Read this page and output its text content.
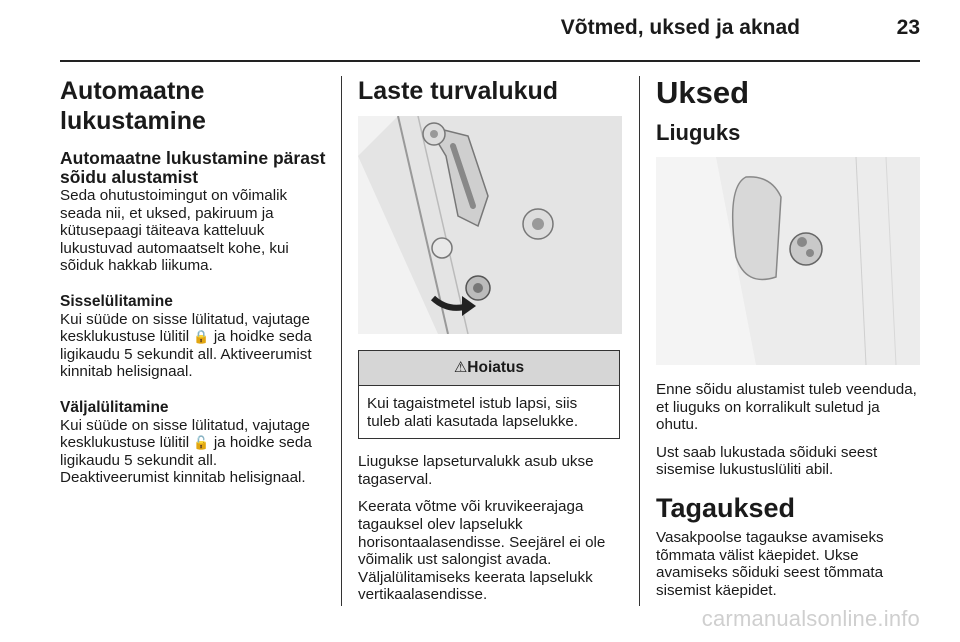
Võtmed, uksed ja aknad	23
Automaatne lukustamine
Automaatne lukustamine pärast sõidu alustamist

Seda ohutustoimingut on võimalik seada nii, et uksed, pakiruum ja kütusepaagi täiteava katteluuk lukustuvad automaatselt kohe, kui sõiduk hakkab liikuma.

Sisselülitamine

Kui süüde on sisse lülitatud, vajutage kesklukustuse lülitil 🔒 ja hoidke seda ligikaudu 5 sekundit all. Aktiveerumist kinnitab helisignaal.

Väljalülitamine

Kui süüde on sisse lülitatud, vajutage kesklukustuse lülitil 🔓 ja hoidke seda ligikaudu 5 sekundit all.

Deaktiveerumist kinnitab helisignaal.

Laste turvalukud
⚠Hoiatus
Kui tagaistmetel istub lapsi, siis tuleb alati kasutada lapselukke.

Liugukse lapseturvalukk asub ukse tagaserval.

Keerata võtme või kruvikeerajaga tagauksel olev lapselukk horisontaalasendisse. Seejärel ei ole võimalik ust salongist avada.

Väljalülitamiseks keerata lapselukk vertikaalasendisse.

Uksed
Liuguks

Enne sõidu alustamist tuleb veenduda, et liuguks on korralikult suletud ja ohutu.

Ust saab lukustada sõiduki seest sisemise lukustuslüliti abil.

Tagauksed

Vasakpoolse tagaukse avamiseks tõmmata välist käepidet. Ukse avamiseks sõiduki seest tõmmata sisemist käepidet.

carmanualsonline.info
